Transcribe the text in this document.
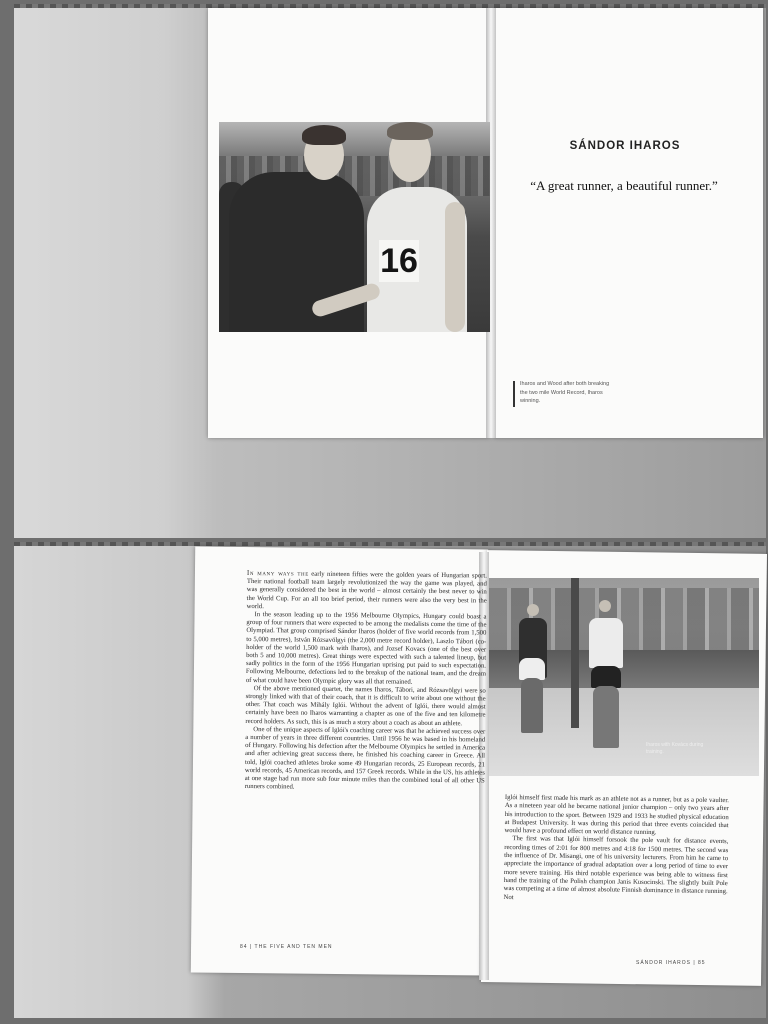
16
SÁNDOR IHAROS
“A great runner, a beautiful runner.”
Iharos and Wood after both breaking the two mile World Record, Iharos winning.

In many ways the early nineteen fifties were the golden years of Hungarian sport. Their national football team largely revolutionized the way the game was played, and was generally considered the best in the world – almost certainly the best never to win the World Cup. For an all too brief period, their runners were also the very best in the world.

In the season leading up to the 1956 Melbourne Olympics, Hungary could boast a group of four runners that were expected to be among the medalists come the time of the Olympiad. That group comprised Sándor Iharos (holder of five world records from 1,500 to 5,000 metres), István Rózsavölgyi (the 2,000 metre record holder), Laszlo Tábori (co-holder of the world 1,500 mark with Iharos), and Jozsef Kovacs (one of the best over both 5 and 10,000 metres). Great things were expected with such a talented lineup, but sadly politics in the form of the 1956 Hungarian uprising put paid to such expectation. Following Melbourne, defections led to the breakup of the national team, and the dream of what could have been Olympic glory was all that remained.

Of the above mentioned quartet, the names Iharos, Tábori, and Rózsavölgyi were so strongly linked with that of their coach, that it is difficult to write about one without the other. That coach was Mihály Iglói. Without the advent of Iglói, there would almost certainly have been no Iharos warranting a chapter as one of the five and ten kilometre record holders. As such, this is as much a story about a coach as about an athlete.

One of the unique aspects of Iglói's coaching career was that he achieved success over a number of years in three different countries. Until 1956 he was based in his homeland of Hungary. Following his defection after the Melbourne Olympics he settled in America and after achieving great success there, he finished his coaching career in Greece. All told, Iglói coached athletes broke some 49 Hungarian records, 25 European records, 21 world records, 45 American records, and 157 Greek records. While in the US, his athletes at one stage had run more sub four minute miles than the combined total of all other US runners combined.

84 | THE FIVE AND TEN MEN
Iharos with Kovács during training.

Iglói himself first made his mark as an athlete not as a runner, but as a pole vaulter. As a nineteen year old he became national junior champion – only two years after his introduction to the sport. Between 1929 and 1933 he studied physical education at Budapest University. It was during this period that three events coincided that would have a profound effect on world distance running.

The first was that Iglói himself forsook the pole vault for distance events, recording times of 2:01 for 800 metres and 4:18 for 1500 metres. The second was the influence of Dr. Misangi, one of his university lecturers. From him he came to appreciate the importance of gradual adaptation over a long period of time to ever more severe training. His third notable experience was being able to witness first hand the training of the Polish champion Janis Kusocinski. The slightly built Pole was competing at a time of almost absolute Finnish dominance in distance running. Not

SÁNDOR IHAROS | 85
